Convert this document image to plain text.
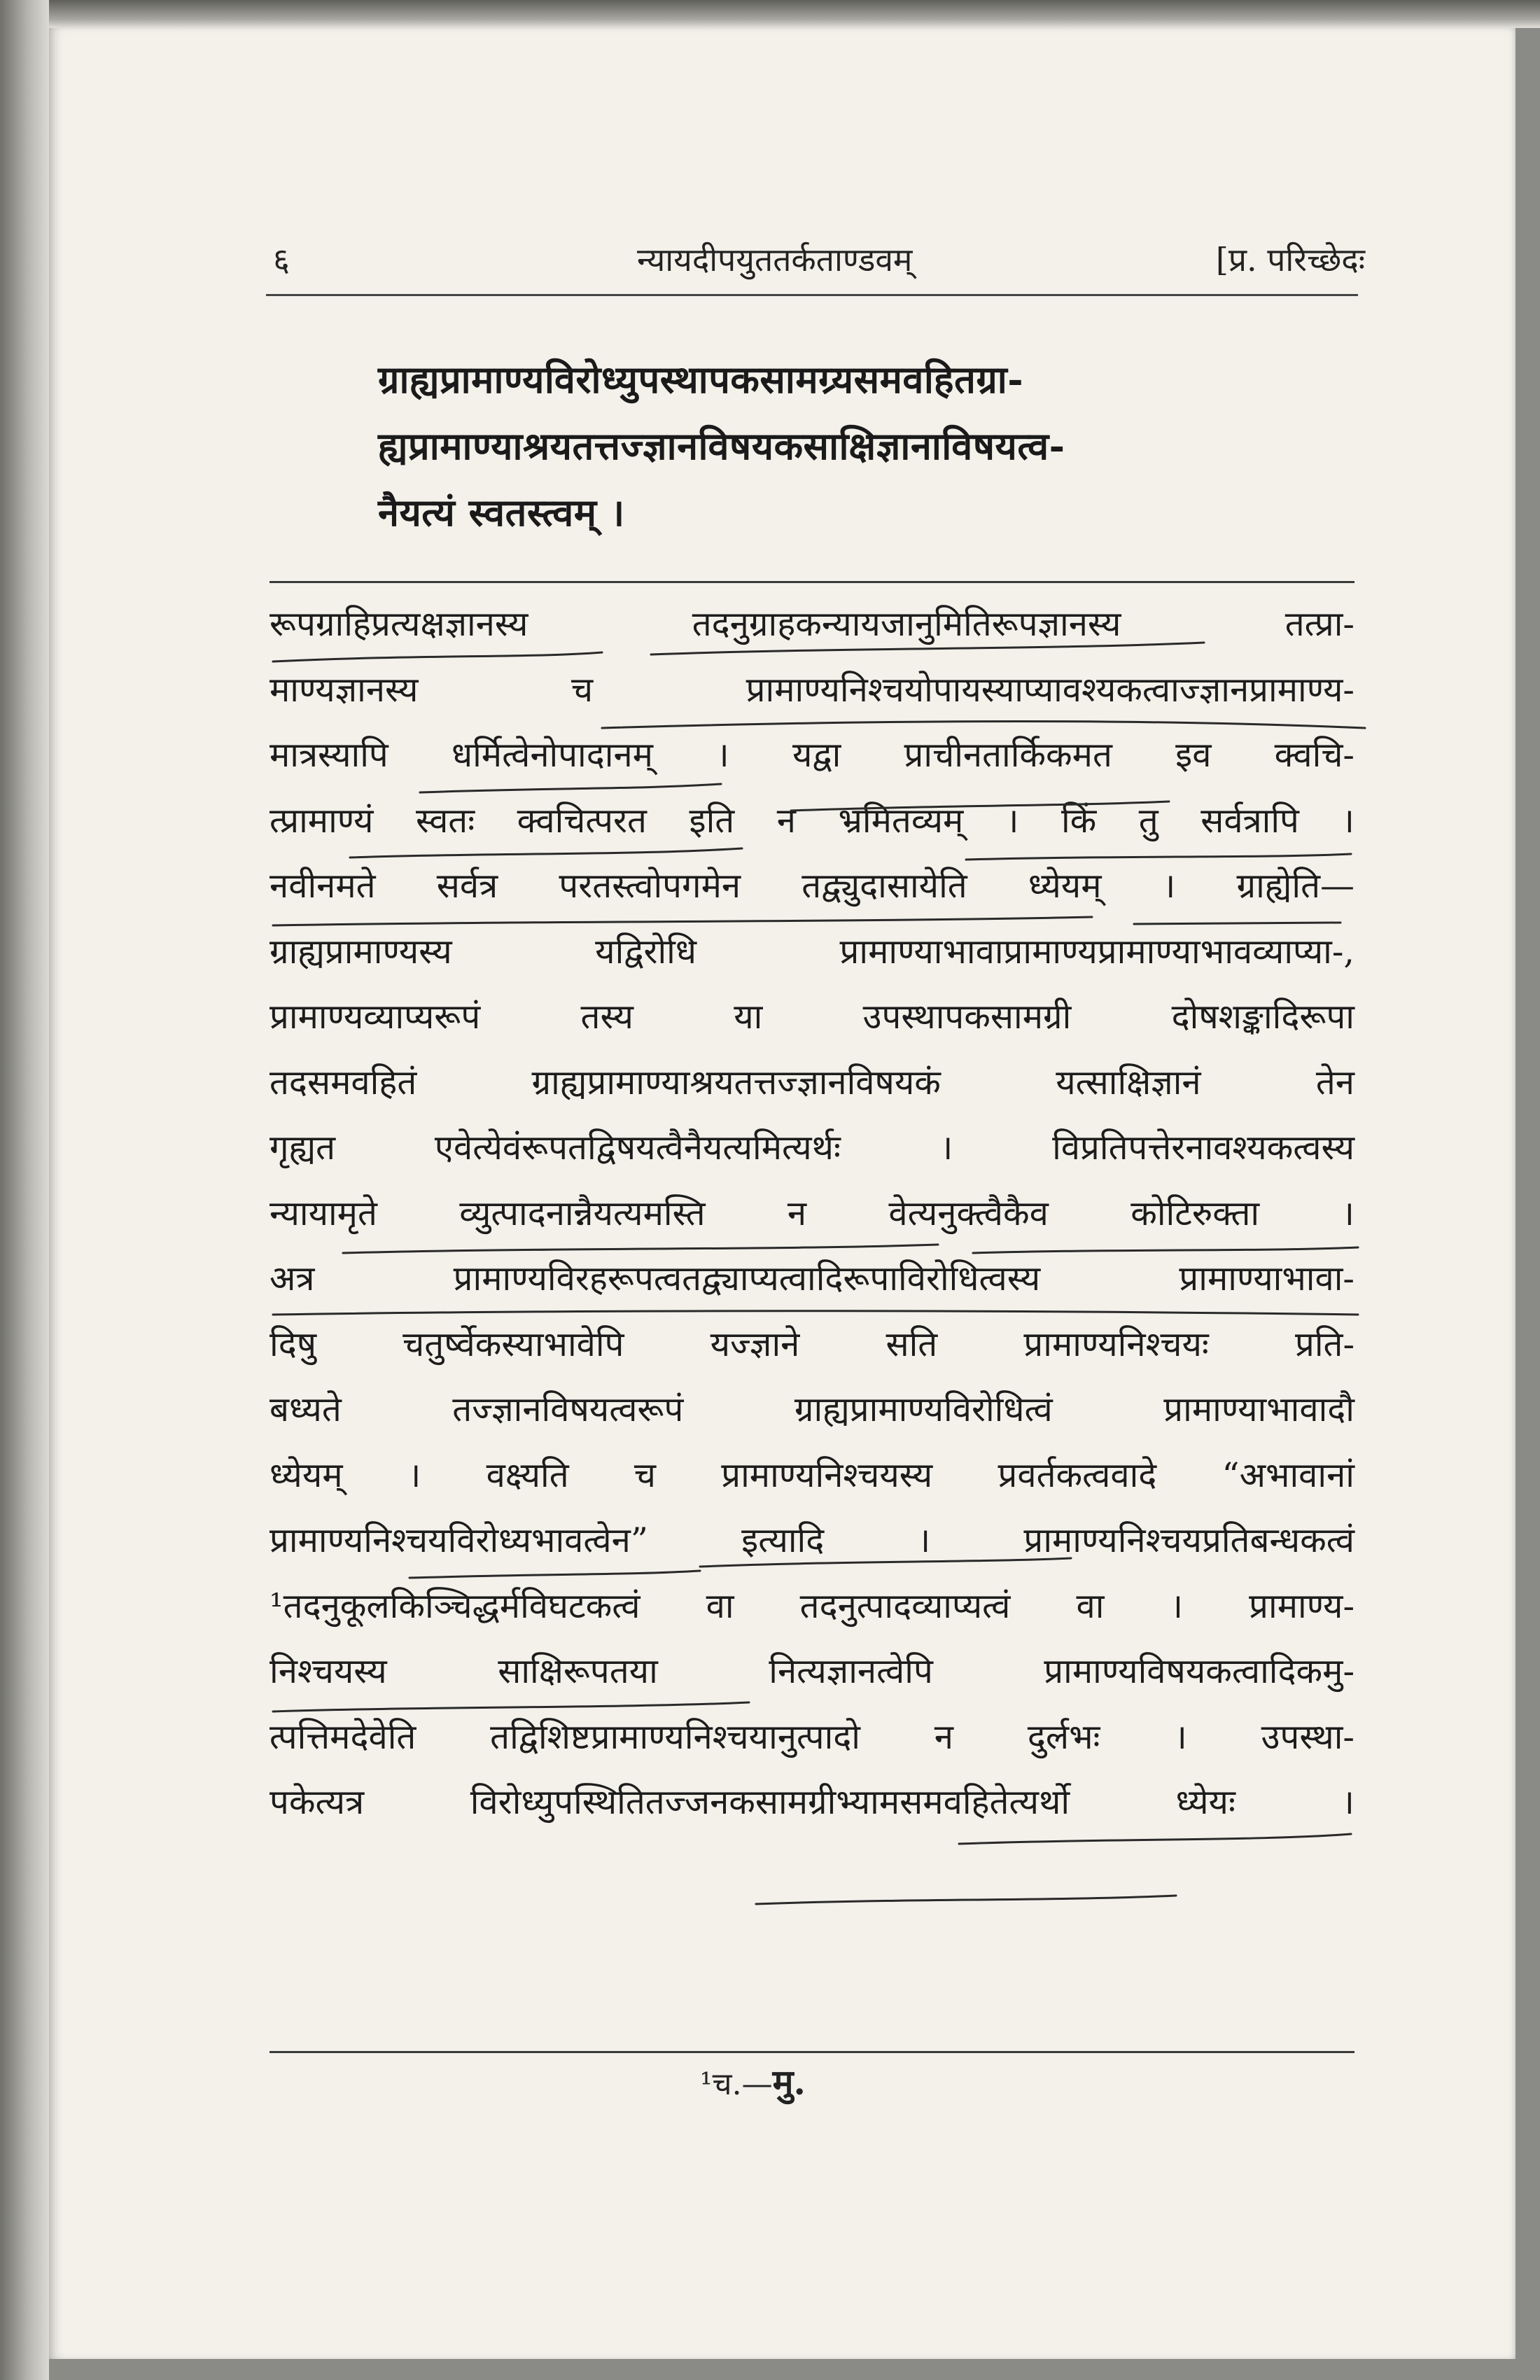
६	न्यायदीपयुततर्कताण्डवम्	[प्र. परिच्छेदः
ग्राह्यप्रामाण्यविरोध्युपस्थापकसामग्र्यसमवहितग्रा-
ह्यप्रामाण्याश्रयतत्तज्ज्ञानविषयकसाक्षिज्ञानाविषयत्व-
नैयत्यं स्वतस्त्वम् ।
रूपग्राहिप्रत्यक्षज्ञानस्य तदनुग्राहकन्यायजानुमितिरूपज्ञानस्य तत्प्रा-
माण्यज्ञानस्य च प्रामाण्यनिश्चयोपायस्याप्यावश्यकत्वाज्ज्ञानप्रामाण्य-
मात्रस्यापि धर्मित्वेनोपादानम् । यद्वा प्राचीनतार्किकमत इव क्वचि-
त्प्रामाण्यं स्वतः क्वचित्परत इति न भ्रमितव्यम् । किं तु सर्वत्रापि ।
नवीनमते सर्वत्र परतस्त्वोपगमेन तद्व्युदासायेति ध्येयम् । ग्राह्येति—
ग्राह्यप्रामाण्यस्य यद्विरोधि प्रामाण्याभावाप्रामाण्यप्रामाण्याभावव्याप्या-,
प्रामाण्यव्याप्यरूपं तस्य या उपस्थापकसामग्री दोषशङ्कादिरूपा
तदसमवहितं ग्राह्यप्रामाण्याश्रयतत्तज्ज्ञानविषयकं यत्साक्षिज्ञानं तेन
गृह्यत एवेत्येवंरूपतद्विषयत्वैनैयत्यमित्यर्थः । विप्रतिपत्तेरनावश्यकत्वस्य
न्यायामृते व्युत्पादनान्नैयत्यमस्ति न वेत्यनुक्त्वैकैव कोटिरुक्ता ।
अत्र प्रामाण्यविरहरूपत्वतद्व्याप्यत्वादिरूपाविरोधित्वस्य प्रामाण्याभावा-
दिषु चतुर्ष्वेकस्याभावेपि यज्ज्ञाने सति प्रामाण्यनिश्चयः प्रति-
बध्यते तज्ज्ञानविषयत्वरूपं ग्राह्यप्रामाण्यविरोधित्वं प्रामाण्याभावादौ
ध्येयम् । वक्ष्यति च प्रामाण्यनिश्चयस्य प्रवर्तकत्ववादे “अभावानां
प्रामाण्यनिश्चयविरोध्यभावत्वेन” इत्यादि । प्रामाण्यनिश्चयप्रतिबन्धकत्वं
¹तदनुकूलकिञ्चिद्धर्मविघटकत्वं वा तदनुत्पादव्याप्यत्वं वा । प्रामाण्य-
निश्चयस्य साक्षिरूपतया नित्यज्ञानत्वेपि प्रामाण्यविषयकत्वादिकमु-
त्पत्तिमदेवेति तद्विशिष्टप्रामाण्यनिश्चयानुत्पादो न दुर्लभः । उपस्था-
पकेत्यत्र विरोध्युपस्थितितज्जनकसामग्रीभ्यामसमवहितेत्यर्थो ध्येयः ।
¹च.—मु.
